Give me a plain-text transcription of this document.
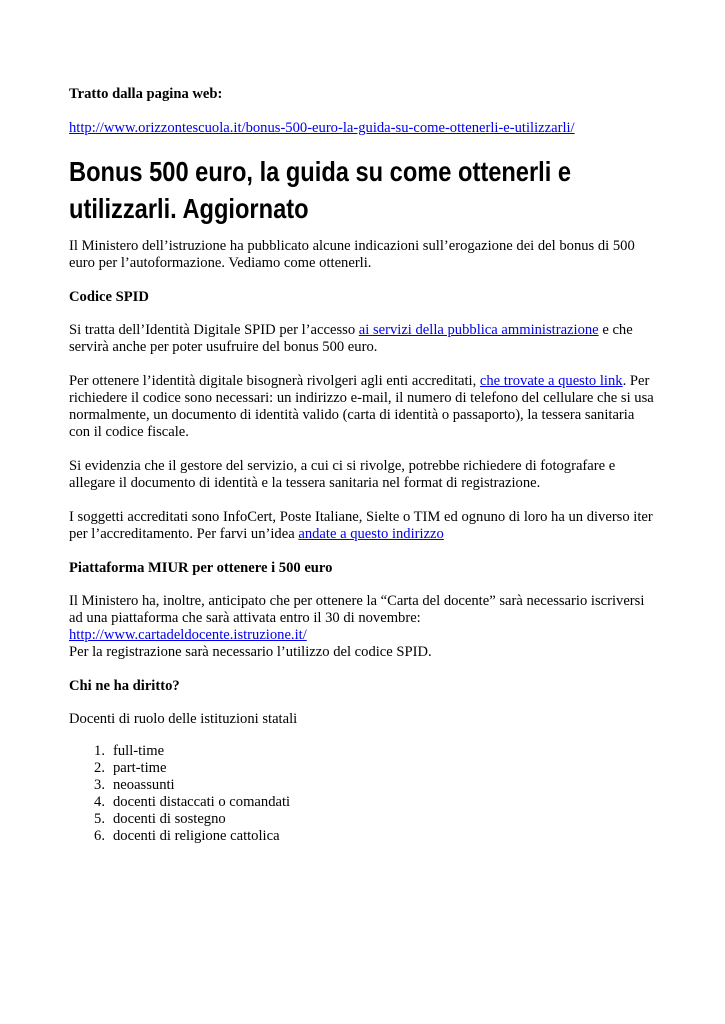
Tratto dalla pagina web:

http://www.orizzontescuola.it/bonus-500-euro-la-guida-su-come-ottenerli-e-utilizzarli/
Bonus 500 euro, la guida su come ottenerli e
utilizzarli. Aggiornato

Il Ministero dell’istruzione ha pubblicato alcune indicazioni sull’erogazione dei del bonus di 500

euro per l’autoformazione. Vediamo come ottenerli.

Codice SPID

Si tratta dell’Identità Digitale SPID per l’accesso ai servizi della pubblica amministrazione e che

servirà anche per poter usufruire del bonus 500 euro.

Per ottenere l’identità digitale bisognerà rivolgeri agli enti accreditati, che trovate a questo link. Per

richiedere il codice sono necessari: un indirizzo e-mail, il numero di telefono del cellulare che si usa

normalmente, un documento di identità valido (carta di identità o passaporto), la tessera sanitaria

con il codice fiscale.

Si evidenzia che il gestore del servizio, a cui ci si rivolge, potrebbe richiedere di fotografare e

allegare il documento di identità e la tessera sanitaria nel format di registrazione.

I soggetti accreditati sono InfoCert, Poste Italiane, Sielte o TIM ed ognuno di loro ha un diverso iter

per l’accreditamento. Per farvi un’idea andate a questo indirizzo

Piattaforma MIUR per ottenere i 500 euro

Il Ministero ha, inoltre, anticipato che per ottenere la “Carta del docente” sarà necessario iscriversi

ad una piattaforma che sarà attivata entro il 30 di novembre:

http://www.cartadeldocente.istruzione.it/

Per la registrazione sarà necessario l’utilizzo del codice SPID.

Chi ne ha diritto?

Docenti di ruolo delle istituzioni statali

1. full-time
2. part-time
3. neoassunti
4. docenti distaccati o comandati
5. docenti di sostegno
6. docenti di religione cattolica
